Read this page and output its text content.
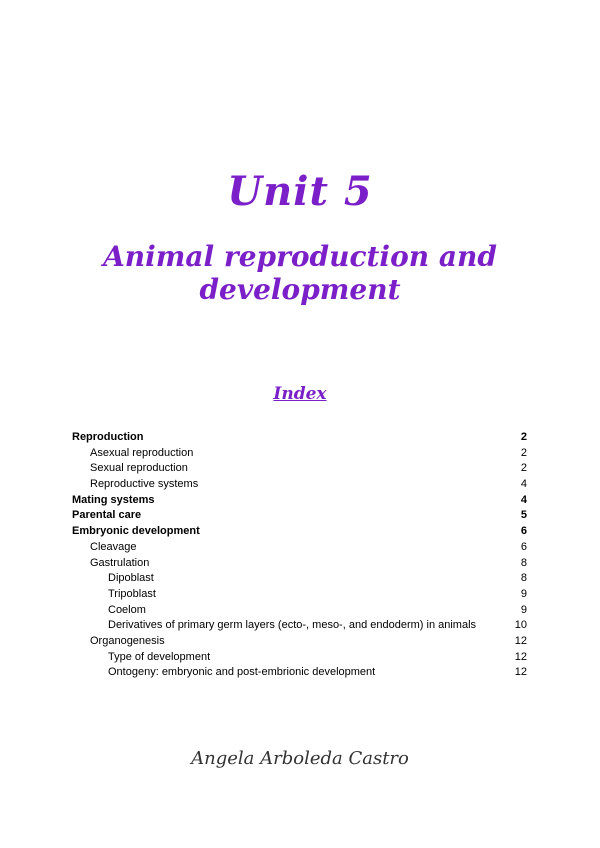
Unit 5
Animal reproduction and development
Index
Reproduction	2
Asexual reproduction	2
Sexual reproduction	2
Reproductive systems	4
Mating systems	4
Parental care	5
Embryonic development	6
Cleavage	6
Gastrulation	8
Dipoblast	8
Tripoblast	9
Coelom	9
Derivatives of primary germ layers (ecto-, meso-, and endoderm) in animals	10
Organogenesis	12
Type of development	12
Ontogeny: embryonic and post-embrionic development	12
Angela Arboleda Castro
